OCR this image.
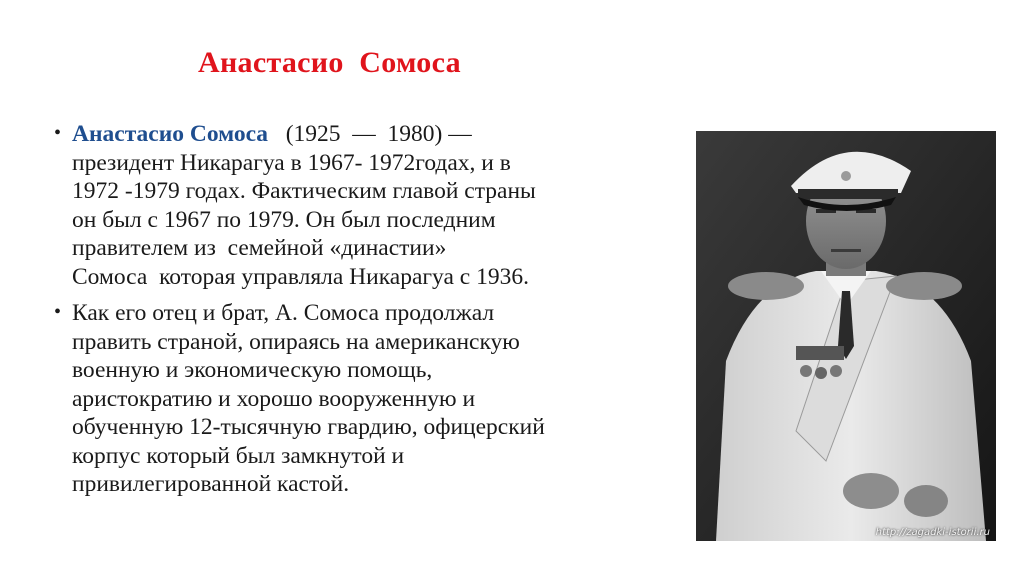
Анастасио  Сомоса
• Анастасио Сомоса   (1925  —  1980) —
президент Никарагуа в 1967- 1972годах, и в
1972 -1979 годах. Фактическим главой страны
он был с 1967 по 1979. Он был последним
правителем из  семейной «династии»
Сомоса  которая управляла Никарагуа с 1936.
• Как его отец и брат, А. Сомоса продолжал
править страной, опираясь на американскую
военную и экономическую помощь,
аристократию и хорошо вооруженную и
обученную 12-тысячную гвардию, офицерский
корпус который был замкнутой и
привилегированной кастой.
http://zagadki-istorii.ru
